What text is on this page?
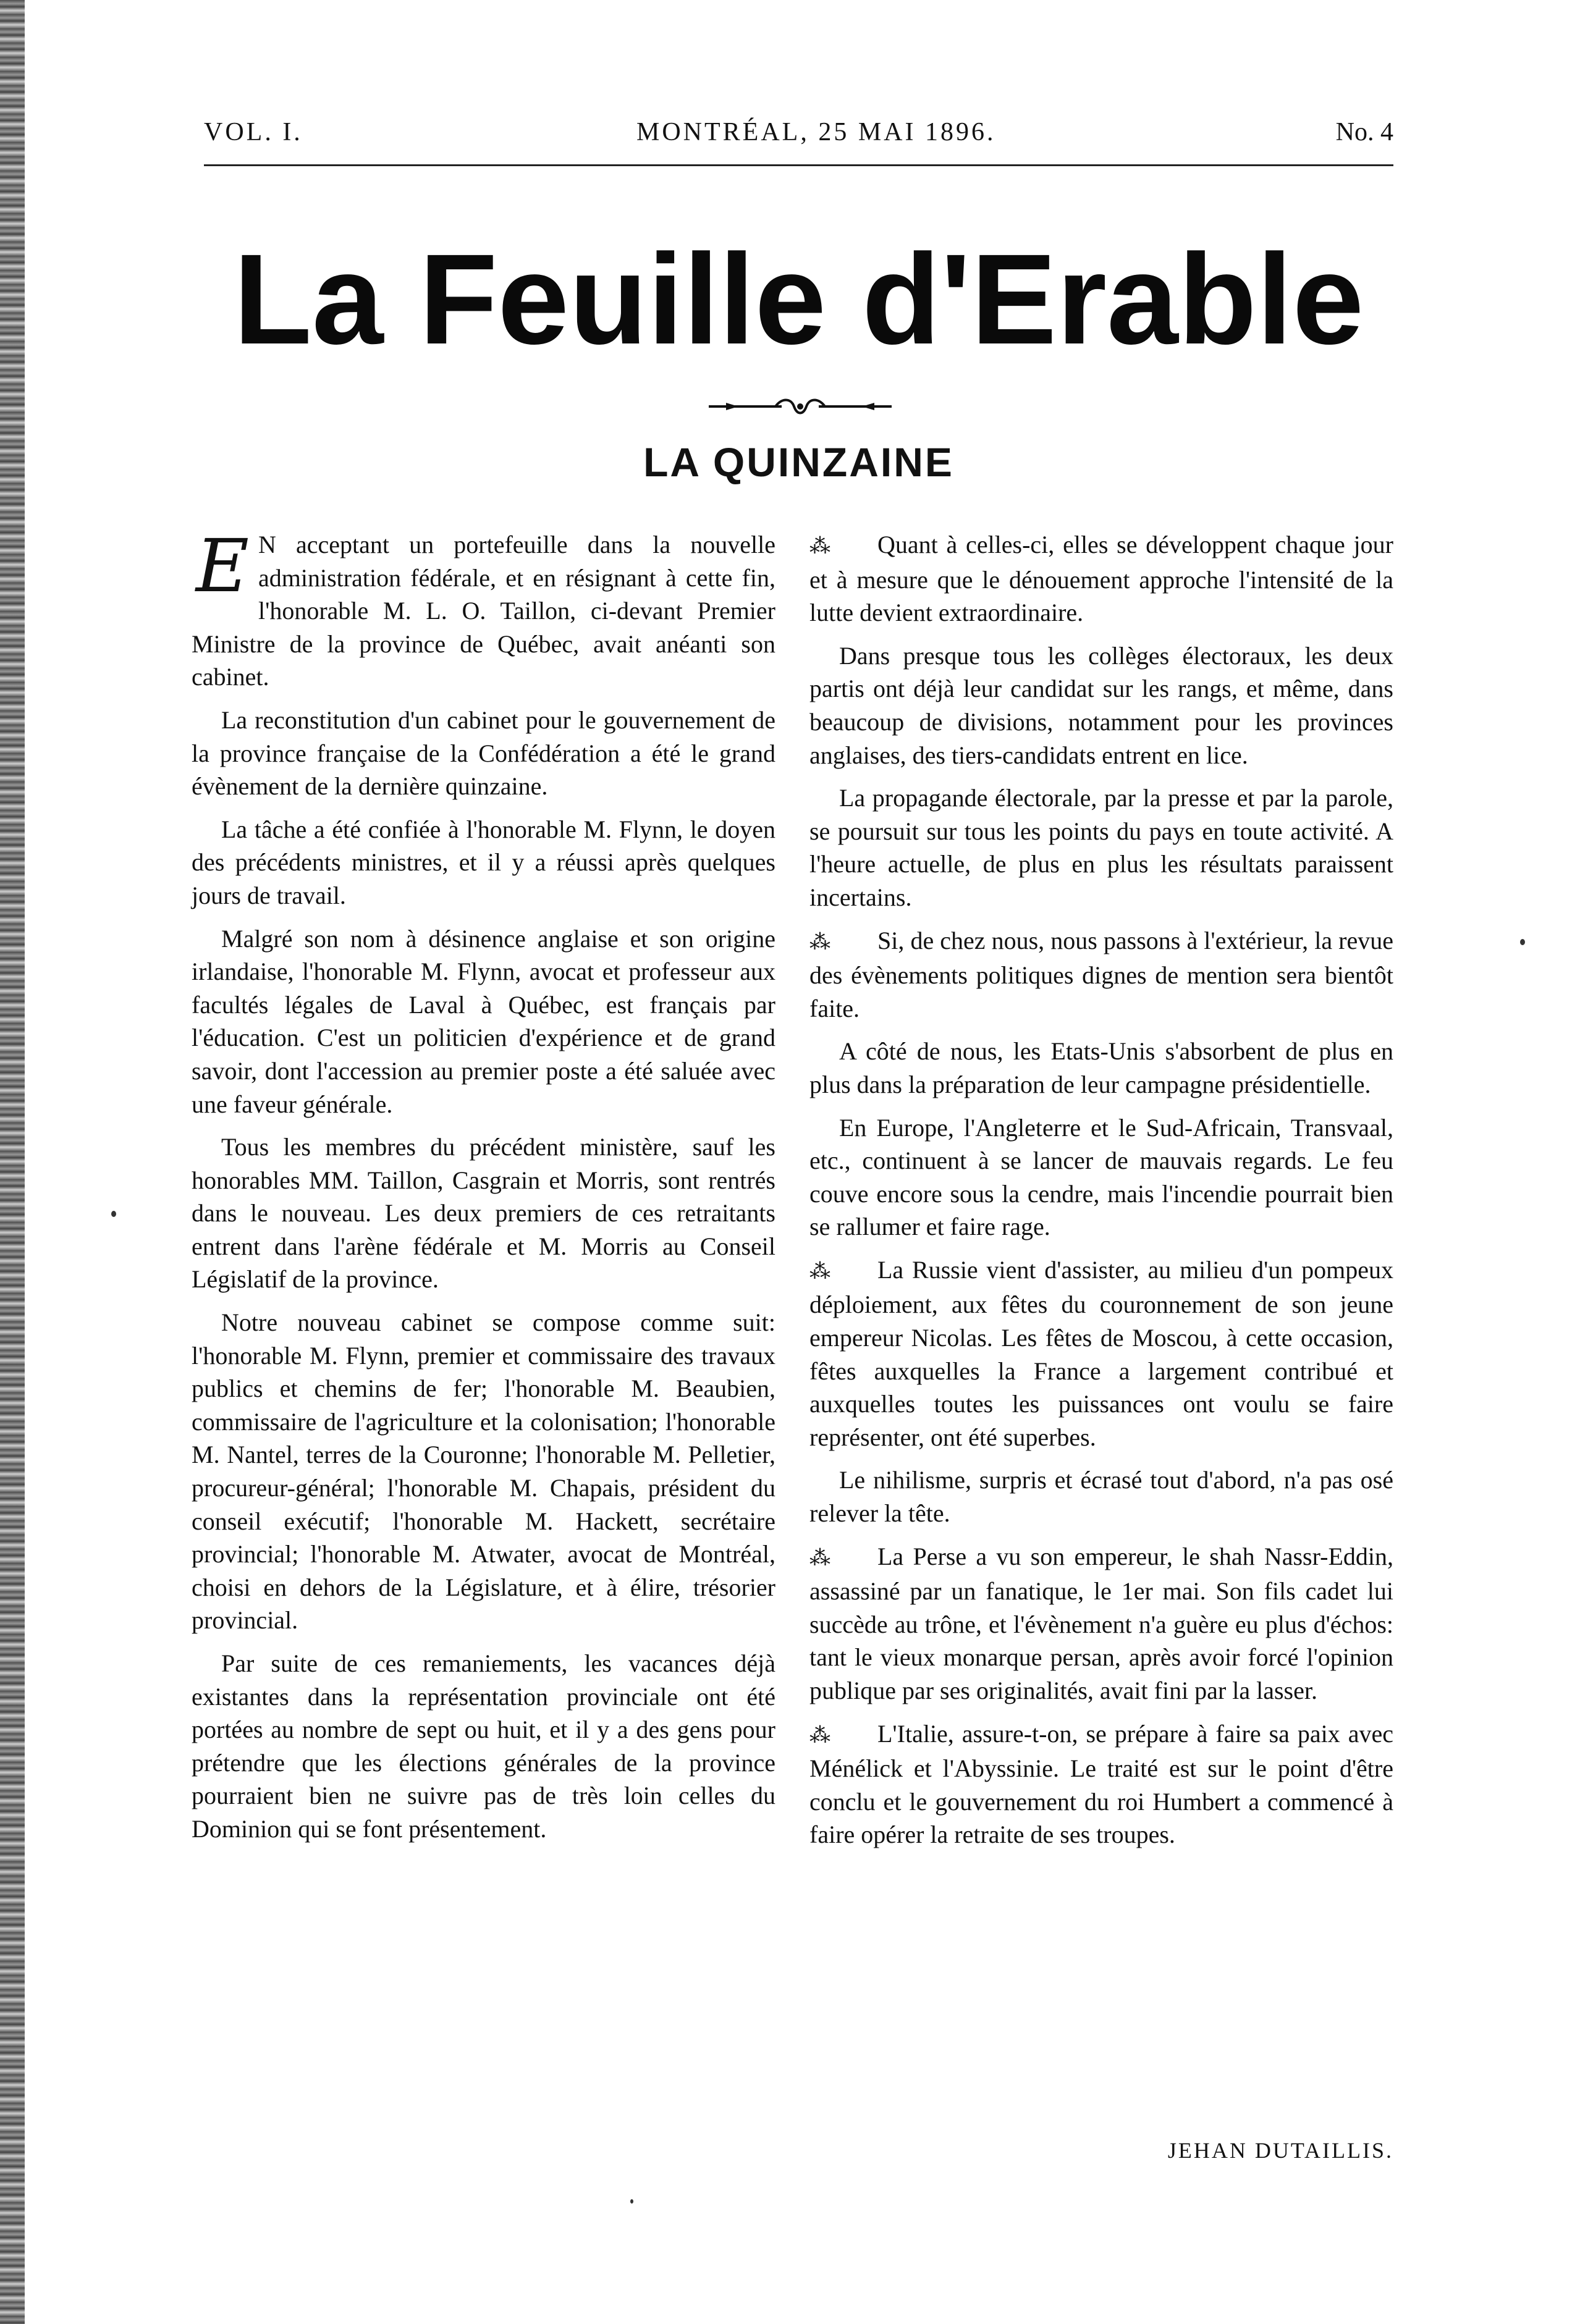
VOL. I.	MONTRÉAL, 25 MAI 1896.	No. 4
La Feuille d'Erable
LA QUINZAINE

E N acceptant un portefeuille dans la nouvelle administration fédérale, et en résignant à cette fin, l'honorable M. L. O. Taillon, ci-devant Premier Ministre de la province de Québec, avait anéanti son cabinet.

La reconstitution d'un cabinet pour le gouvernement de la province française de la Confédération a été le grand évènement de la dernière quinzaine.

La tâche a été confiée à l'honorable M. Flynn, le doyen des précédents ministres, et il y a réussi après quelques jours de travail.

Malgré son nom à désinence anglaise et son origine irlandaise, l'honorable M. Flynn, avocat et professeur aux facultés légales de Laval à Québec, est français par l'éducation. C'est un politicien d'expérience et de grand savoir, dont l'accession au premier poste a été saluée avec une faveur générale.

Tous les membres du précédent ministère, sauf les honorables MM. Taillon, Casgrain et Morris, sont rentrés dans le nouveau. Les deux premiers de ces retraitants entrent dans l'arène fédérale et M. Morris au Conseil Législatif de la province.

Notre nouveau cabinet se compose comme suit: l'honorable M. Flynn, premier et commissaire des travaux publics et chemins de fer; l'honorable M. Beaubien, commissaire de l'agriculture et la colonisation; l'honorable M. Nantel, terres de la Couronne; l'honorable M. Pelletier, procureur-général; l'honorable M. Chapais, président du conseil exécutif; l'honorable M. Hackett, secrétaire provincial; l'honorable M. Atwater, avocat de Montréal, choisi en dehors de la Législature, et à élire, trésorier provincial.

Par suite de ces remaniements, les vacances déjà existantes dans la représentation provinciale ont été portées au nombre de sept ou huit, et il y a des gens pour prétendre que les élections générales de la province pourraient bien ne suivre pas de très loin celles du Dominion qui se font présentement.

⁂ Quant à celles-ci, elles se développent chaque jour et à mesure que le dénouement approche l'intensité de la lutte devient extraordinaire.

Dans presque tous les collèges électoraux, les deux partis ont déjà leur candidat sur les rangs, et même, dans beaucoup de divisions, notamment pour les provinces anglaises, des tiers-candidats entrent en lice.

La propagande électorale, par la presse et par la parole, se poursuit sur tous les points du pays en toute activité. A l'heure actuelle, de plus en plus les résultats paraissent incertains.

⁂ Si, de chez nous, nous passons à l'extérieur, la revue des évènements politiques dignes de mention sera bientôt faite.

A côté de nous, les Etats-Unis s'absorbent de plus en plus dans la préparation de leur campagne présidentielle.

En Europe, l'Angleterre et le Sud-Africain, Transvaal, etc., continuent à se lancer de mauvais regards. Le feu couve encore sous la cendre, mais l'incendie pourrait bien se rallumer et faire rage.

⁂ La Russie vient d'assister, au milieu d'un pompeux déploiement, aux fêtes du couronnement de son jeune empereur Nicolas. Les fêtes de Moscou, à cette occasion, fêtes auxquelles la France a largement contribué et auxquelles toutes les puissances ont voulu se faire représenter, ont été superbes.

Le nihilisme, surpris et écrasé tout d'abord, n'a pas osé relever la tête.

⁂ La Perse a vu son empereur, le shah Nassr-Eddin, assassiné par un fanatique, le 1er mai. Son fils cadet lui succède au trône, et l'évènement n'a guère eu plus d'échos: tant le vieux monarque persan, après avoir forcé l'opinion publique par ses originalités, avait fini par la lasser.

⁂ L'Italie, assure-t-on, se prépare à faire sa paix avec Ménélick et l'Abyssinie. Le traité est sur le point d'être conclu et le gouvernement du roi Humbert a commencé à faire opérer la retraite de ses troupes.

JEHAN DUTAILLIS.
